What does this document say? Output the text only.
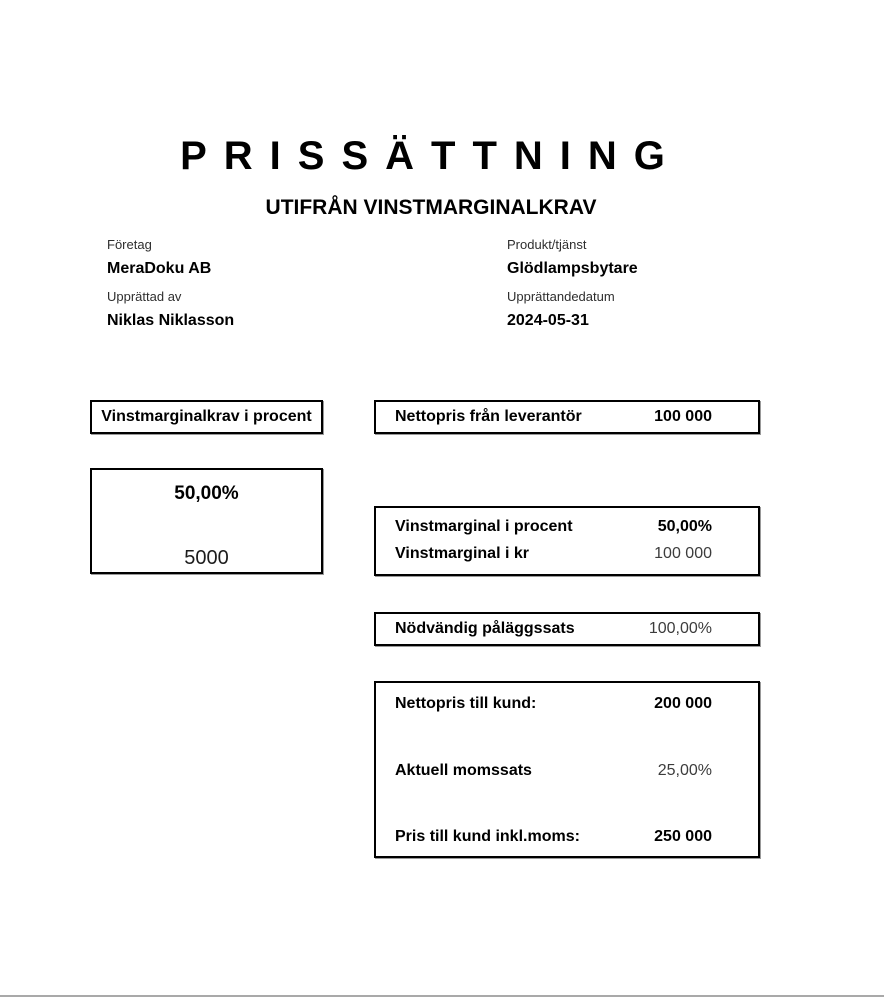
PRISSÄTTNING
UTIFRÅN VINSTMARGINALKRAV
Företag
MeraDoku AB
Upprättad av
Niklas Niklasson
Produkt/tjänst
Glödlampsbytare
Upprättandedatum
2024-05-31
Vinstmarginalkrav i procent
50,00%
5000
Nettopris från leverantör	100 000
Vinstmarginal i procent	50,00%
Vinstmarginal i kr	100 000
Nödvändig påläggssats	100,00%
Nettopris till kund:	200 000
Aktuell momssats	25,00%
Pris till kund inkl.moms:	250 000
